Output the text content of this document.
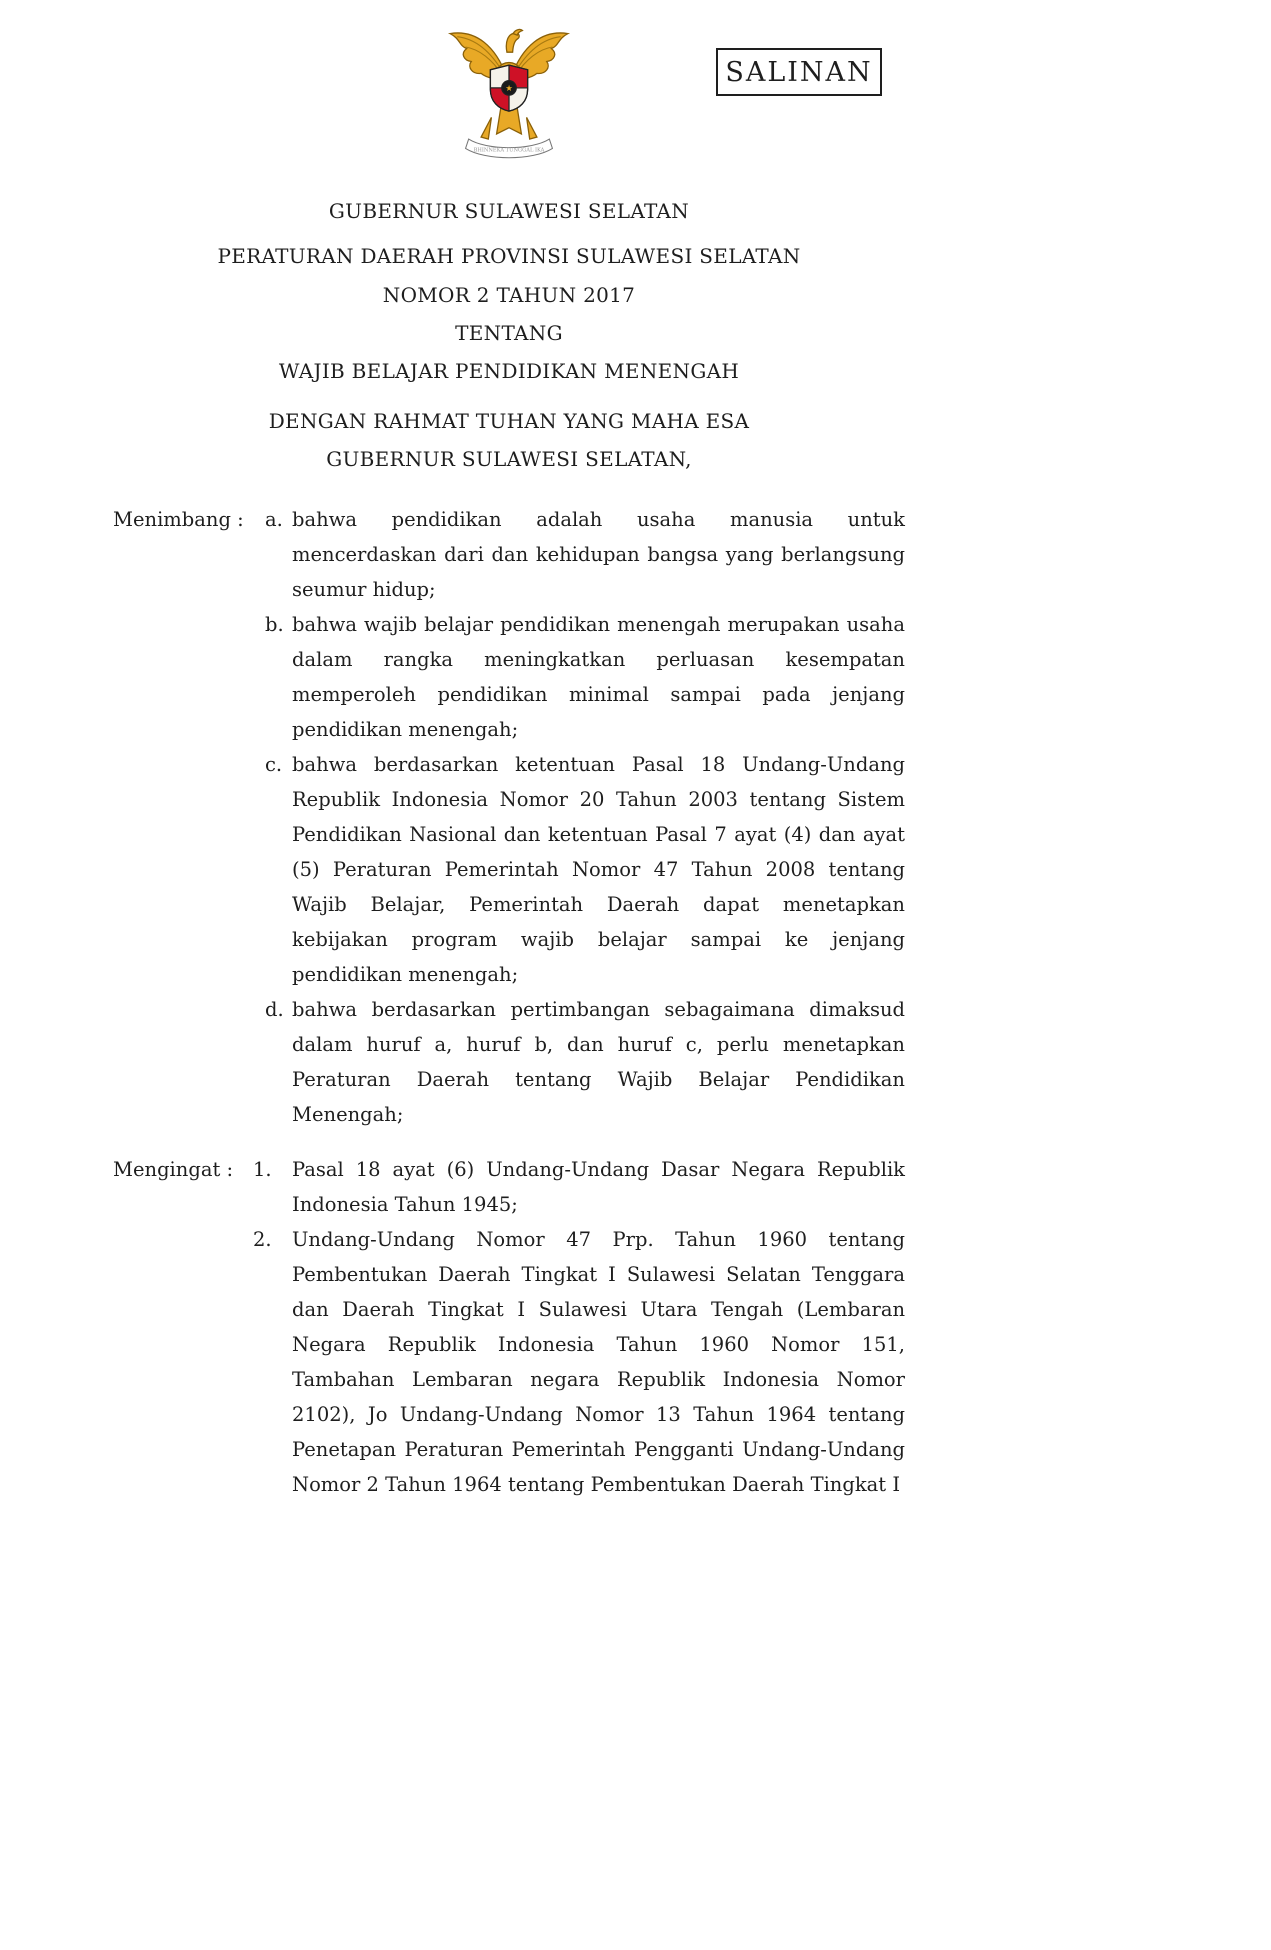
SALINAN
★
BHINNEKA TUNGGAL IKA
GUBERNUR SULAWESI SELATAN
PERATURAN DAERAH PROVINSI SULAWESI SELATAN
NOMOR 2 TAHUN 2017
TENTANG
WAJIB BELAJAR PENDIDIKAN MENENGAH
DENGAN RAHMAT TUHAN YANG MAHA ESA
GUBERNUR SULAWESI SELATAN,
Menimbang :	a. bahwa pendidikan adalah usaha manusia untuk mencerdaskan dari dan kehidupan bangsa yang berlangsung seumur hidup;
b. bahwa wajib belajar pendidikan menengah merupakan usaha dalam rangka meningkatkan perluasan kesempatan memperoleh pendidikan minimal sampai pada jenjang pendidikan menengah;
c. bahwa berdasarkan ketentuan Pasal 18 Undang-Undang Republik Indonesia Nomor 20 Tahun 2003 tentang Sistem Pendidikan Nasional dan ketentuan Pasal 7 ayat (4) dan ayat (5) Peraturan Pemerintah Nomor 47 Tahun 2008 tentang Wajib Belajar, Pemerintah Daerah dapat menetapkan kebijakan program wajib belajar sampai ke jenjang pendidikan menengah;
d. bahwa berdasarkan pertimbangan sebagaimana dimaksud dalam huruf a, huruf b, dan huruf c, perlu menetapkan Peraturan Daerah tentang Wajib Belajar Pendidikan Menengah;
Mengingat :	1. Pasal 18 ayat (6) Undang-Undang Dasar Negara Republik Indonesia Tahun 1945;
2. Undang-Undang Nomor 47 Prp. Tahun 1960 tentang Pembentukan Daerah Tingkat I Sulawesi Selatan Tenggara dan Daerah Tingkat I Sulawesi Utara Tengah (Lembaran Negara Republik Indonesia Tahun 1960 Nomor 151, Tambahan Lembaran negara Republik Indonesia Nomor 2102), Jo Undang-Undang Nomor 13 Tahun 1964 tentang Penetapan Peraturan Pemerintah Pengganti Undang-Undang Nomor 2 Tahun 1964 tentang Pembentukan Daerah Tingkat I
